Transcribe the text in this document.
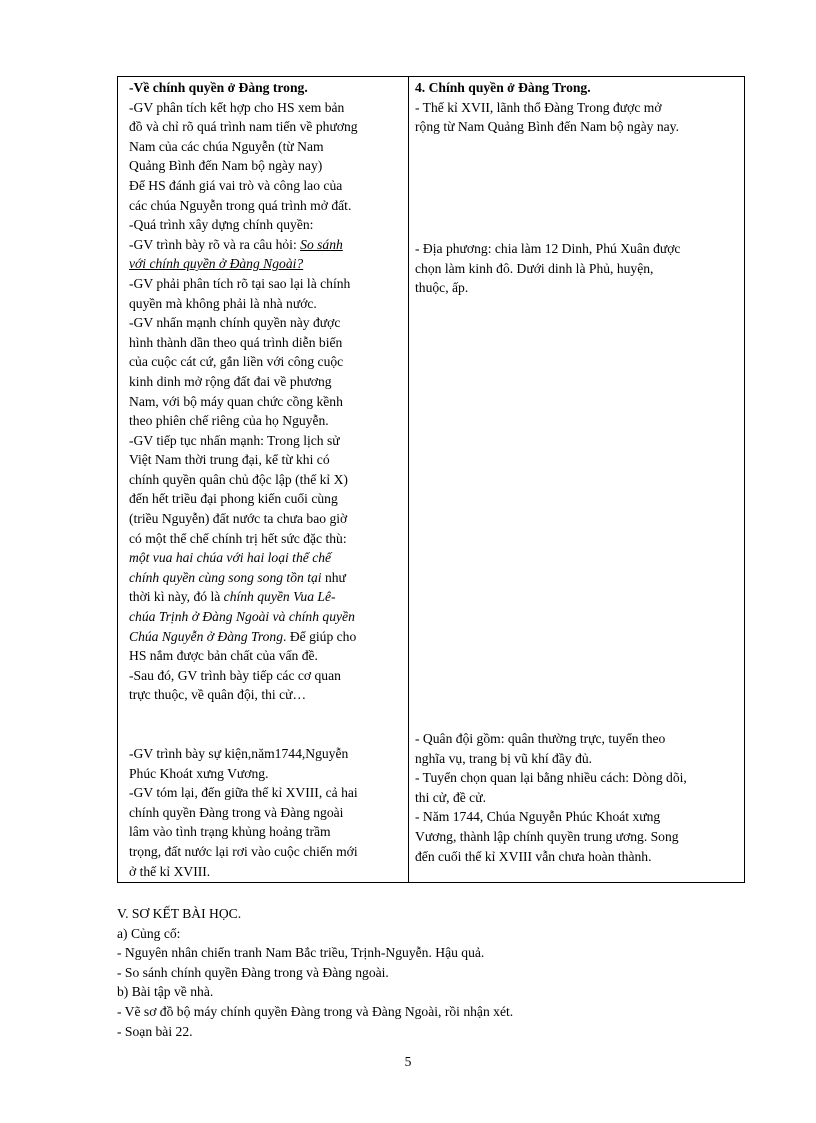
-Về chính quyền ở Đàng trong.
-GV phân tích kết hợp cho HS xem bản
đồ và chỉ rõ quá trình nam tiến về phương
Nam của các chúa Nguyễn (từ Nam
Quảng Bình đến Nam bộ ngày nay)
Để HS đánh giá vai trò và công lao của
các chúa Nguyễn trong quá trình mở đất.
-Quá trình xây dựng chính quyền:
-GV trình bày rõ và ra câu hỏi: So sánh
với chính quyền ở Đàng Ngoài?
-GV phải phân tích rõ tại sao lại là chính
quyền mà không phải là nhà nước.
-GV nhấn mạnh chính quyền này được
hình thành dần theo quá trình diễn biến
của cuộc cát cứ, gắn liền với công cuộc
kinh dinh mở rộng đất đai về phương
Nam, với bộ máy quan chức cồng kềnh
theo phiên chế riêng của họ Nguyễn.
-GV tiếp tục nhấn mạnh: Trong lịch sử
Việt Nam thời trung đại, kể từ khi có
chính quyền quân chủ độc lập (thế kỉ X)
đến hết triều đại phong kiến cuối cùng
(triều Nguyễn) đất nước ta chưa bao giờ
có một thể chế chính trị hết sức đặc thù:
một vua hai chúa với hai loại thể chế
chính quyền cùng song song tồn tại như
thời kì này, đó là chính quyền Vua Lê-
chúa Trịnh ở Đàng Ngoài và chính quyền
Chúa Nguyễn ở Đàng Trong. Để giúp cho
HS nắm được bản chất của vấn đề.
-Sau đó, GV trình bày tiếp các cơ quan
trực thuộc, về quân đội, thi cử…
-GV trình bày sự kiện,năm1744,Nguyễn
Phúc Khoát xưng Vương.
-GV tóm lại, đến giữa thế kỉ XVIII, cả hai
chính quyền Đàng trong và Đàng ngoài
lâm vào tình trạng khủng hoảng trầm
trọng, đất nước lại rơi vào cuộc chiến mới
ở thế kỉ XVIII.
4. Chính quyền ở Đàng Trong.
- Thế kỉ XVII, lãnh thổ Đàng Trong được mở
rộng từ Nam Quảng Bình đến Nam bộ ngày nay.
- Địa phương: chia làm 12 Dinh, Phú Xuân được
chọn làm kinh đô. Dưới dinh là Phủ, huyện,
thuộc, ấp.
- Quân đội gồm: quân thường trực, tuyển theo
nghĩa vụ, trang bị vũ khí đầy đủ.
- Tuyển chọn quan lại bằng nhiều cách: Dòng dõi,
thi cử, đề cử.
- Năm 1744, Chúa Nguyễn Phúc Khoát xưng
Vương, thành lập chính quyền trung ương. Song
đến cuối thế kỉ XVIII vẫn chưa hoàn thành.
V. SƠ KẾT BÀI HỌC.
a) Củng cố:
- Nguyên nhân chiến tranh Nam Bắc triều, Trịnh-Nguyễn. Hậu quả.
- So sánh chính quyền Đàng trong và Đàng ngoài.
b) Bài tập về nhà.
- Vẽ sơ đồ bộ máy chính quyền Đàng trong và Đàng Ngoài, rồi nhận xét.
- Soạn bài 22.
5
